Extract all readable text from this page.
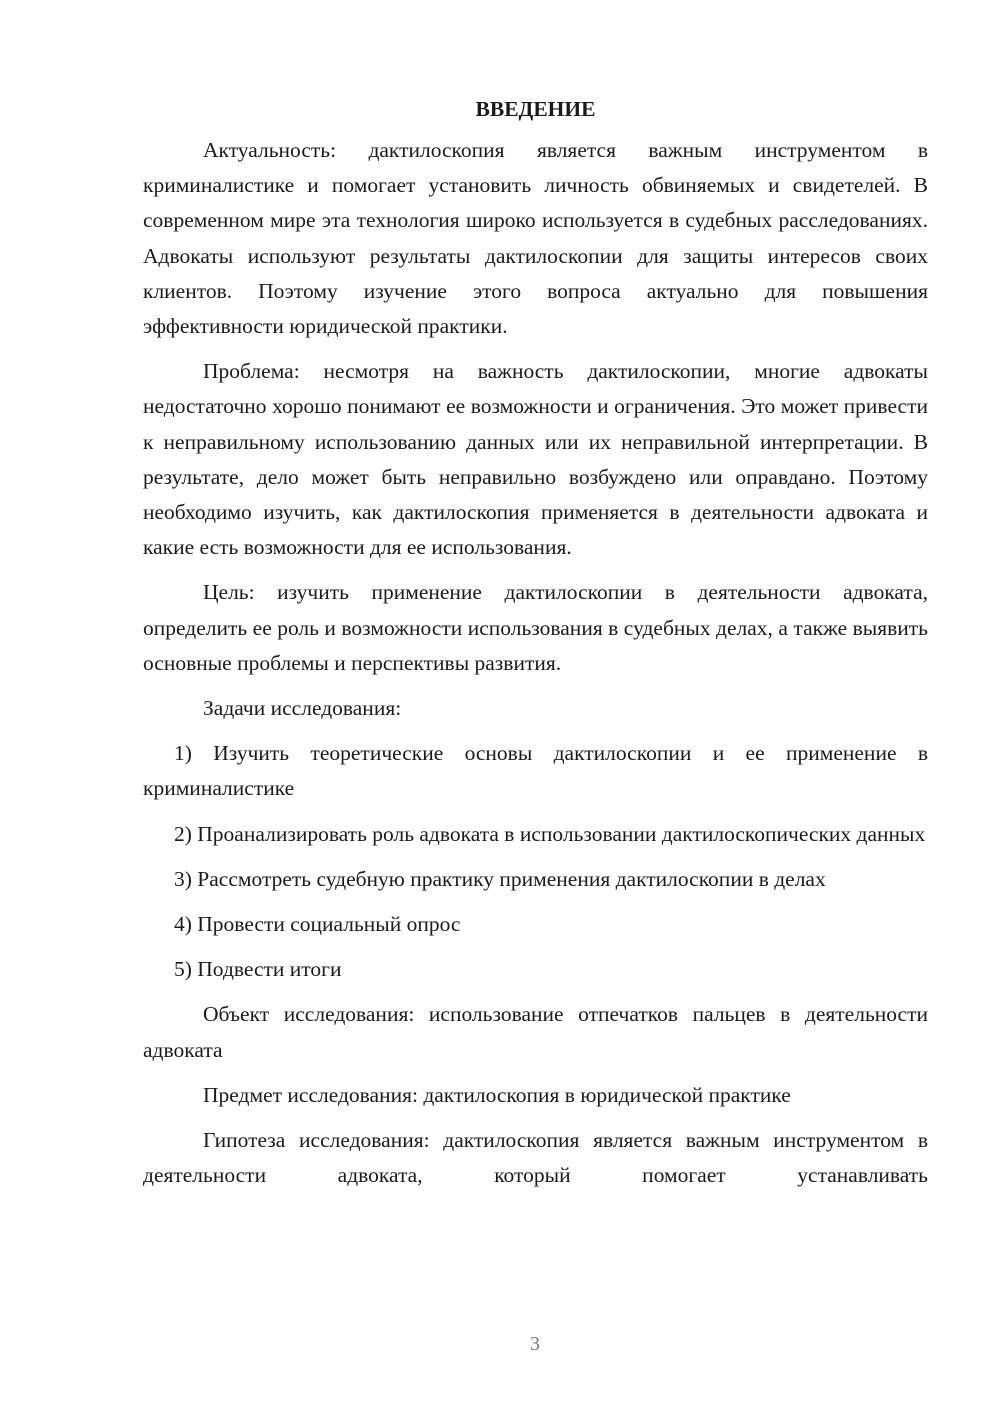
ВВЕДЕНИЕ

Актуальность: дактилоскопия является важным инструментом в криминалистике и помогает установить личность обвиняемых и свидетелей. В современном мире эта технология широко используется в судебных расследованиях. Адвокаты используют результаты дактилоскопии для защиты интересов своих клиентов. Поэтому изучение этого вопроса актуально для повышения эффективности юридической практики.

Проблема: несмотря на важность дактилоскопии, многие адвокаты недостаточно хорошо понимают ее возможности и ограничения. Это может привести к неправильному использованию данных или их неправильной интерпретации. В результате, дело может быть неправильно возбуждено или оправдано. Поэтому необходимо изучить, как дактилоскопия применяется в деятельности адвоката и какие есть возможности для ее использования.

Цель: изучить применение дактилоскопии в деятельности адвоката, определить ее роль и возможности использования в судебных делах, а также выявить основные проблемы и перспективы развития.

Задачи исследования:

1) Изучить теоретические основы дактилоскопии и ее применение в криминалистике

2) Проанализировать роль адвоката в использовании дактилоскопических данных

3) Рассмотреть судебную практику применения дактилоскопии в делах

4) Провести социальный опрос

5) Подвести итоги

Объект исследования: использование отпечатков пальцев в деятельности адвоката

Предмет исследования: дактилоскопия в юридической практике

Гипотеза исследования: дактилоскопия является важным инструментом в деятельности адвоката, который помогает устанавливать

3
